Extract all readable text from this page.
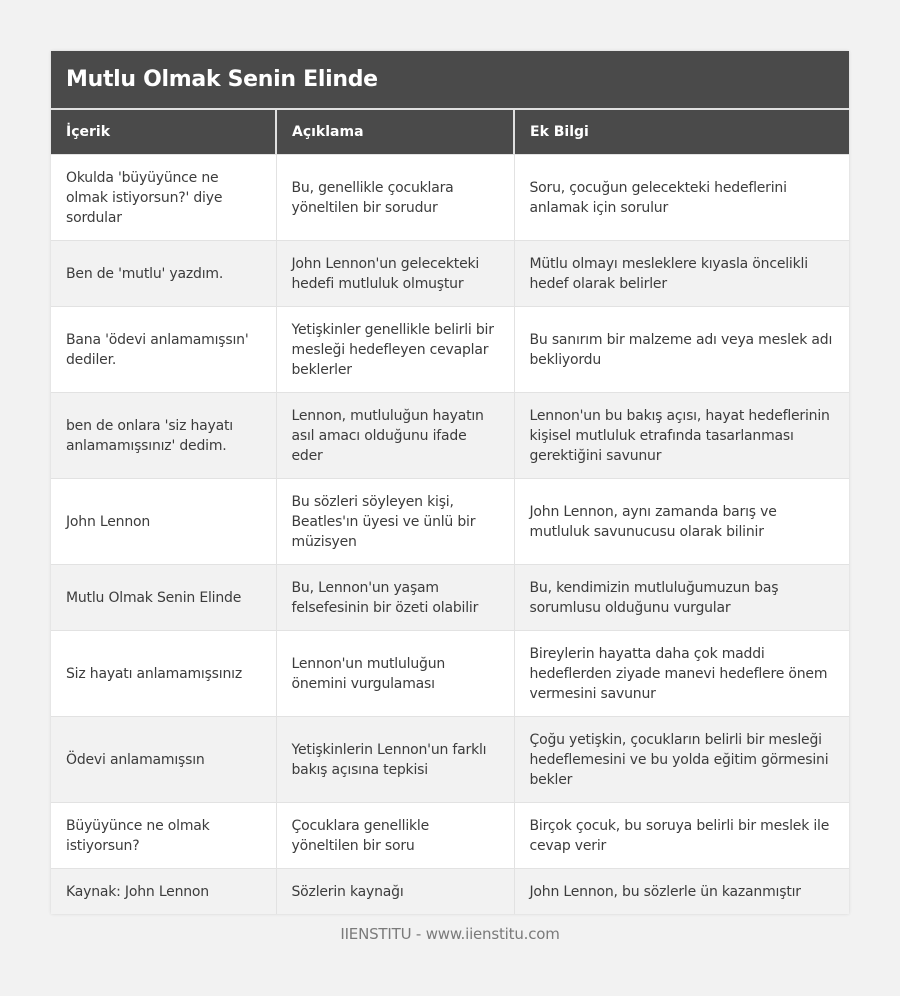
Mutlu Olmak Senin Elinde
İçerik	Açıklama	Ek Bilgi
Okulda 'büyüyünce ne olmak istiyorsun?' diye sordular	Bu, genellikle çocuklara yöneltilen bir sorudur	Soru, çocuğun gelecekteki hedeflerini anlamak için sorulur
Ben de 'mutlu' yazdım.	John Lennon'un gelecekteki hedefi mutluluk olmuştur	Mütlu olmayı mesleklere kıyasla öncelikli hedef olarak belirler
Bana 'ödevi anlamamışsın' dediler.	Yetişkinler genellikle belirli bir mesleği hedefleyen cevaplar beklerler	Bu sanırım bir malzeme adı veya meslek adı bekliyordu
ben de onlara 'siz hayatı anlamamışsınız' dedim.	Lennon, mutluluğun hayatın asıl amacı olduğunu ifade eder	Lennon'un bu bakış açısı, hayat hedeflerinin kişisel mutluluk etrafında tasarlanması gerektiğini savunur
John Lennon	Bu sözleri söyleyen kişi, Beatles'ın üyesi ve ünlü bir müzisyen	John Lennon, aynı zamanda barış ve mutluluk savunucusu olarak bilinir
Mutlu Olmak Senin Elinde	Bu, Lennon'un yaşam felsefesinin bir özeti olabilir	Bu, kendimizin mutluluğumuzun baş sorumlusu olduğunu vurgular
Siz hayatı anlamamışsınız	Lennon'un mutluluğun önemini vurgulaması	Bireylerin hayatta daha çok maddi hedeflerden ziyade manevi hedeflere önem vermesini savunur
Ödevi anlamamışsın	Yetişkinlerin Lennon'un farklı bakış açısına tepkisi	Çoğu yetişkin, çocukların belirli bir mesleği hedeflemesini ve bu yolda eğitim görmesini bekler
Büyüyünce ne olmak istiyorsun?	Çocuklara genellikle yöneltilen bir soru	Birçok çocuk, bu soruya belirli bir meslek ile cevap verir
Kaynak: John Lennon	Sözlerin kaynağı	John Lennon, bu sözlerle ün kazanmıştır
IIENSTITU - www.iienstitu.com
